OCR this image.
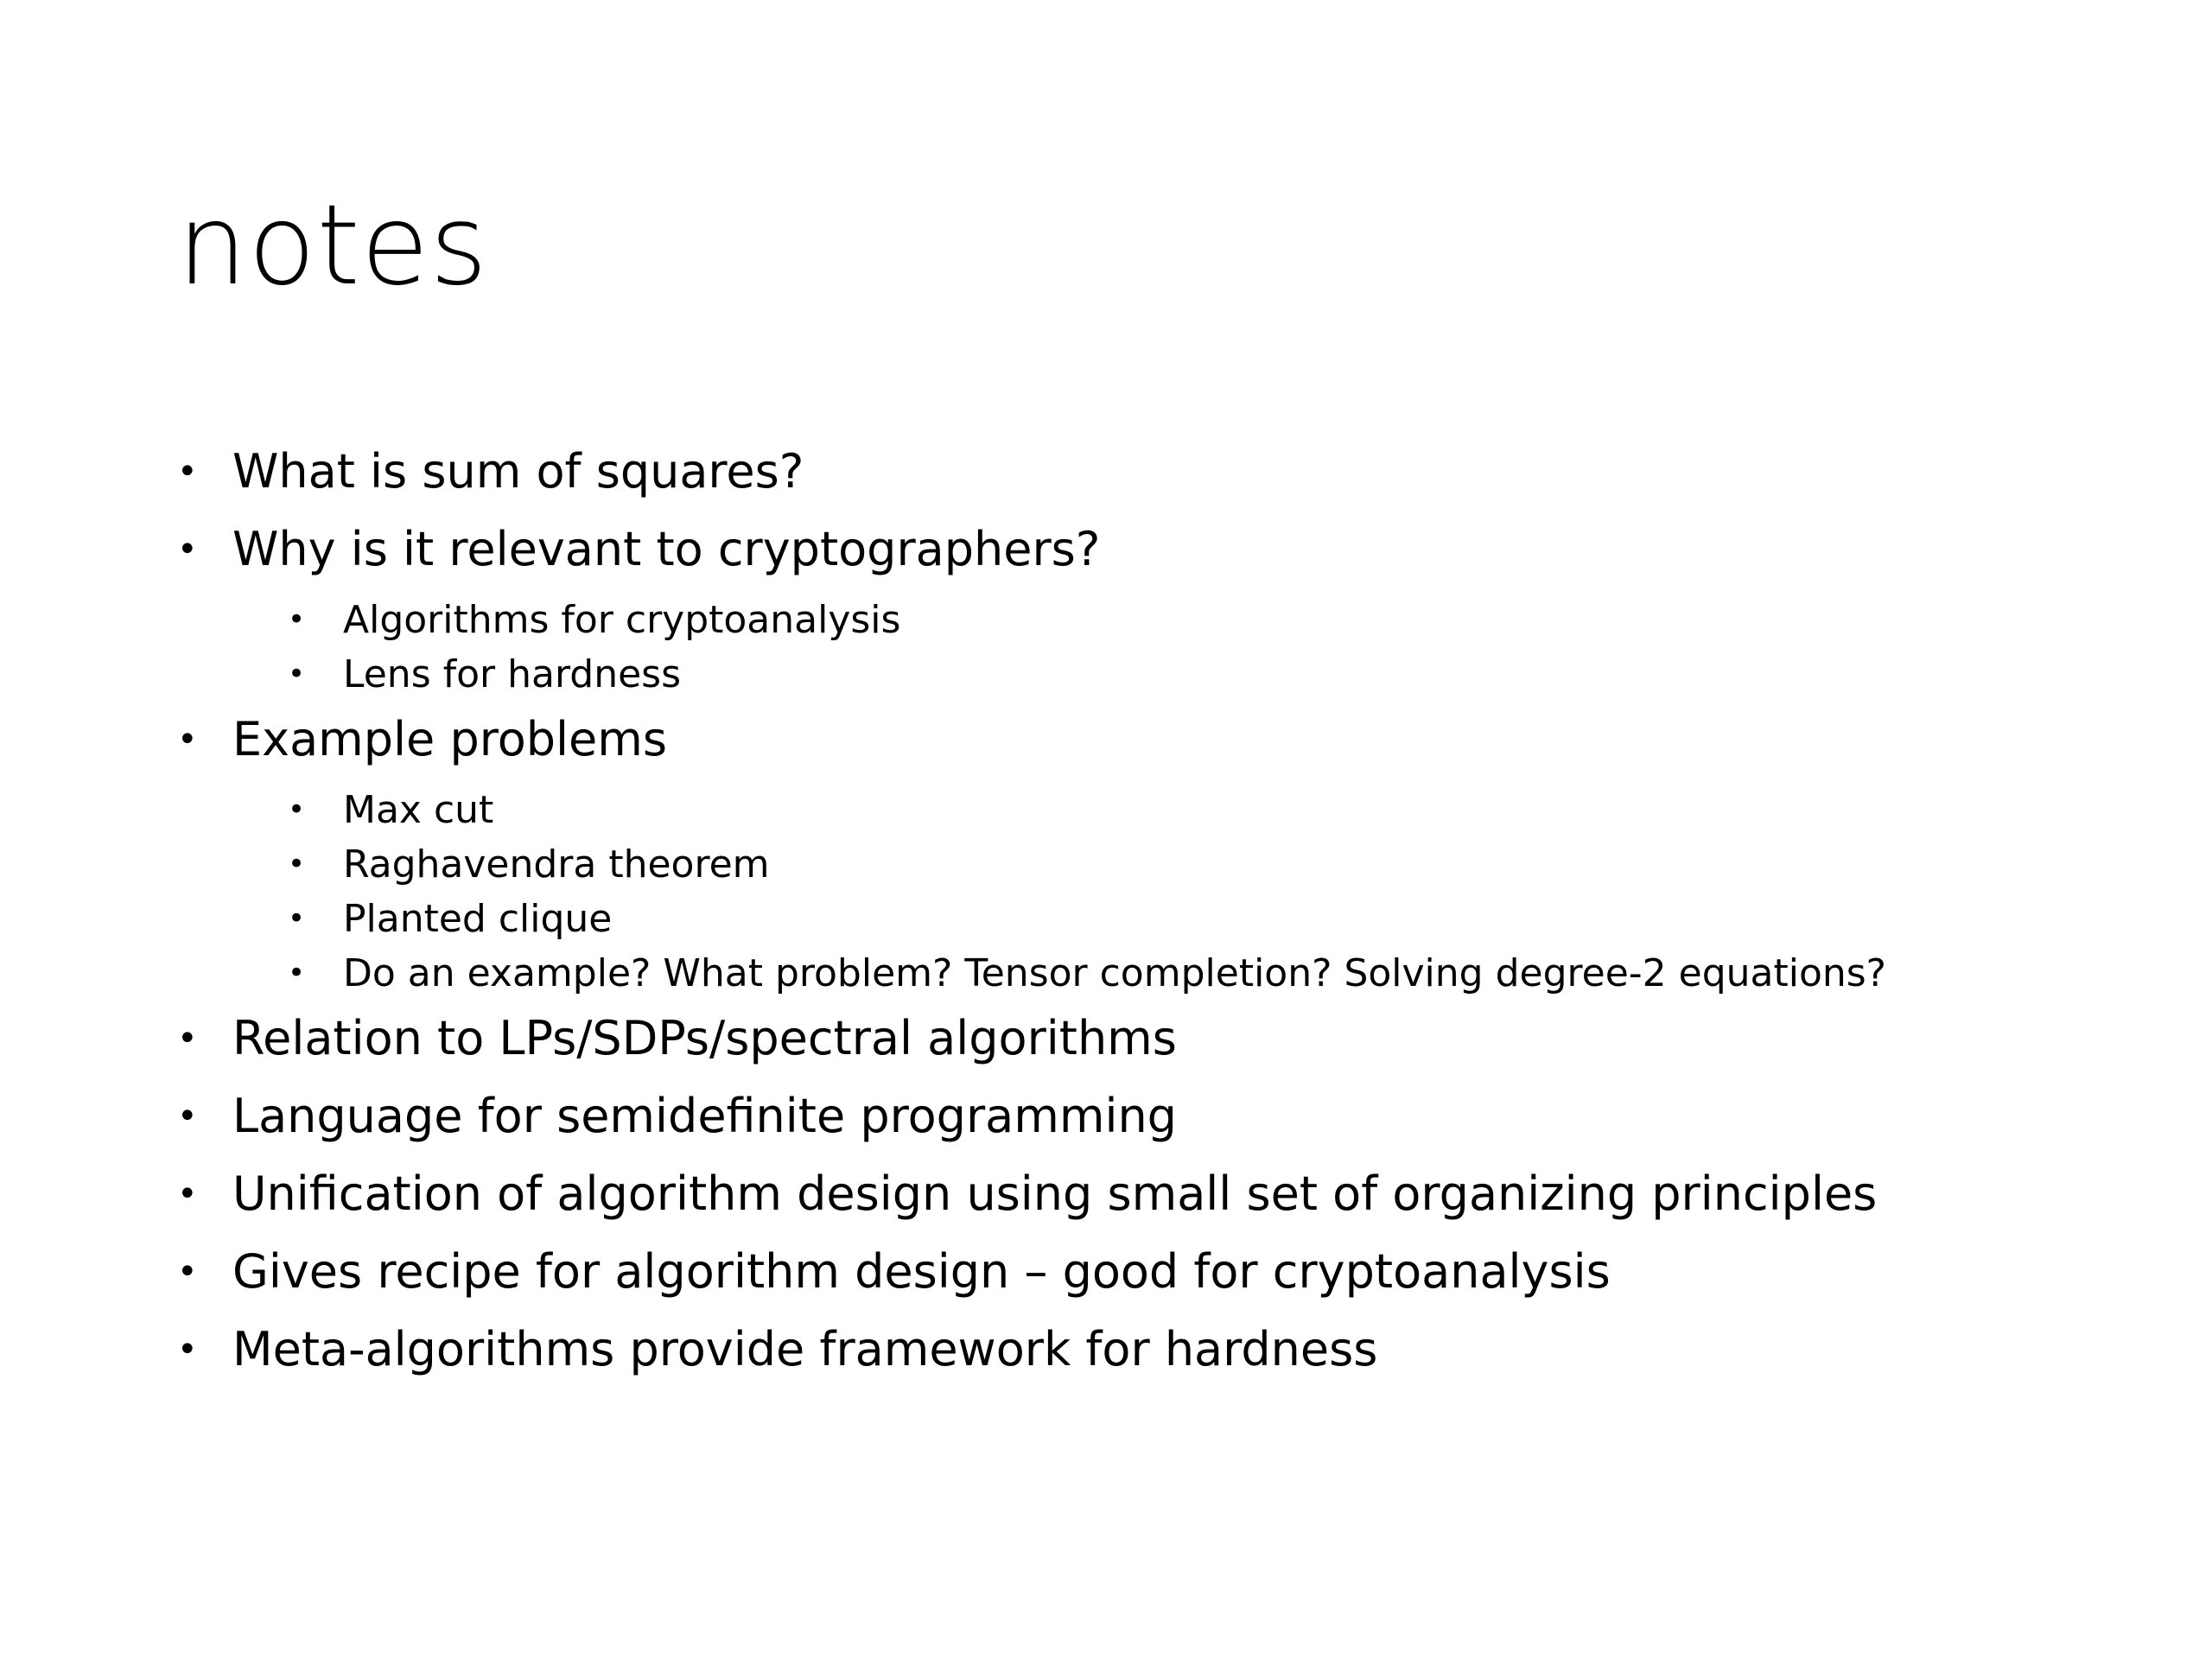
notes
• What is sum of squares?
• Why is it relevant to cryptographers?
• Algorithms for cryptoanalysis
• Lens for hardness
• Example problems
• Max cut
• Raghavendra theorem
• Planted clique
• Do an example? What problem? Tensor completion? Solving degree-2 equations?
• Relation to LPs/SDPs/spectral algorithms
• Language for semidefinite programming
• Unification of algorithm design using small set of organizing principles
• Gives recipe for algorithm design – good for cryptoanalysis
• Meta-algorithms provide framework for hardness
